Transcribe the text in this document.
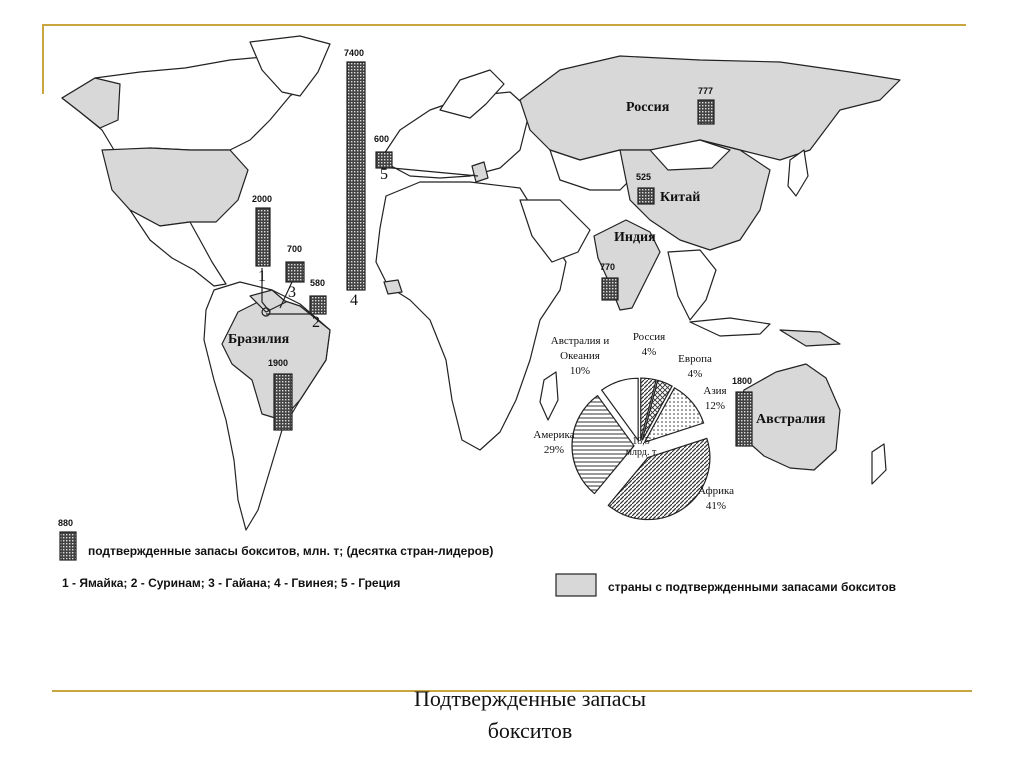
2000
700
580
7400
600
1900
777
525
770
1800
1
3
2
4
5
Россия
Китай
Индия
Бразилия
Австралия
Австралия и Океания
10%
Россия
4%
Европа
4%
Азия
12%
Америка
29%
Африка
41%
18,5
млрд. т
880
подтвержденные запасы бокситов, млн. т; (десятка стран-лидеров)
1 - Ямайка; 2 - Суринам; 3 - Гайана; 4 - Гвинея; 5 - Греция	страны с подтвержденными запасами бокситов
Подтвержденные запасы
бокситов
